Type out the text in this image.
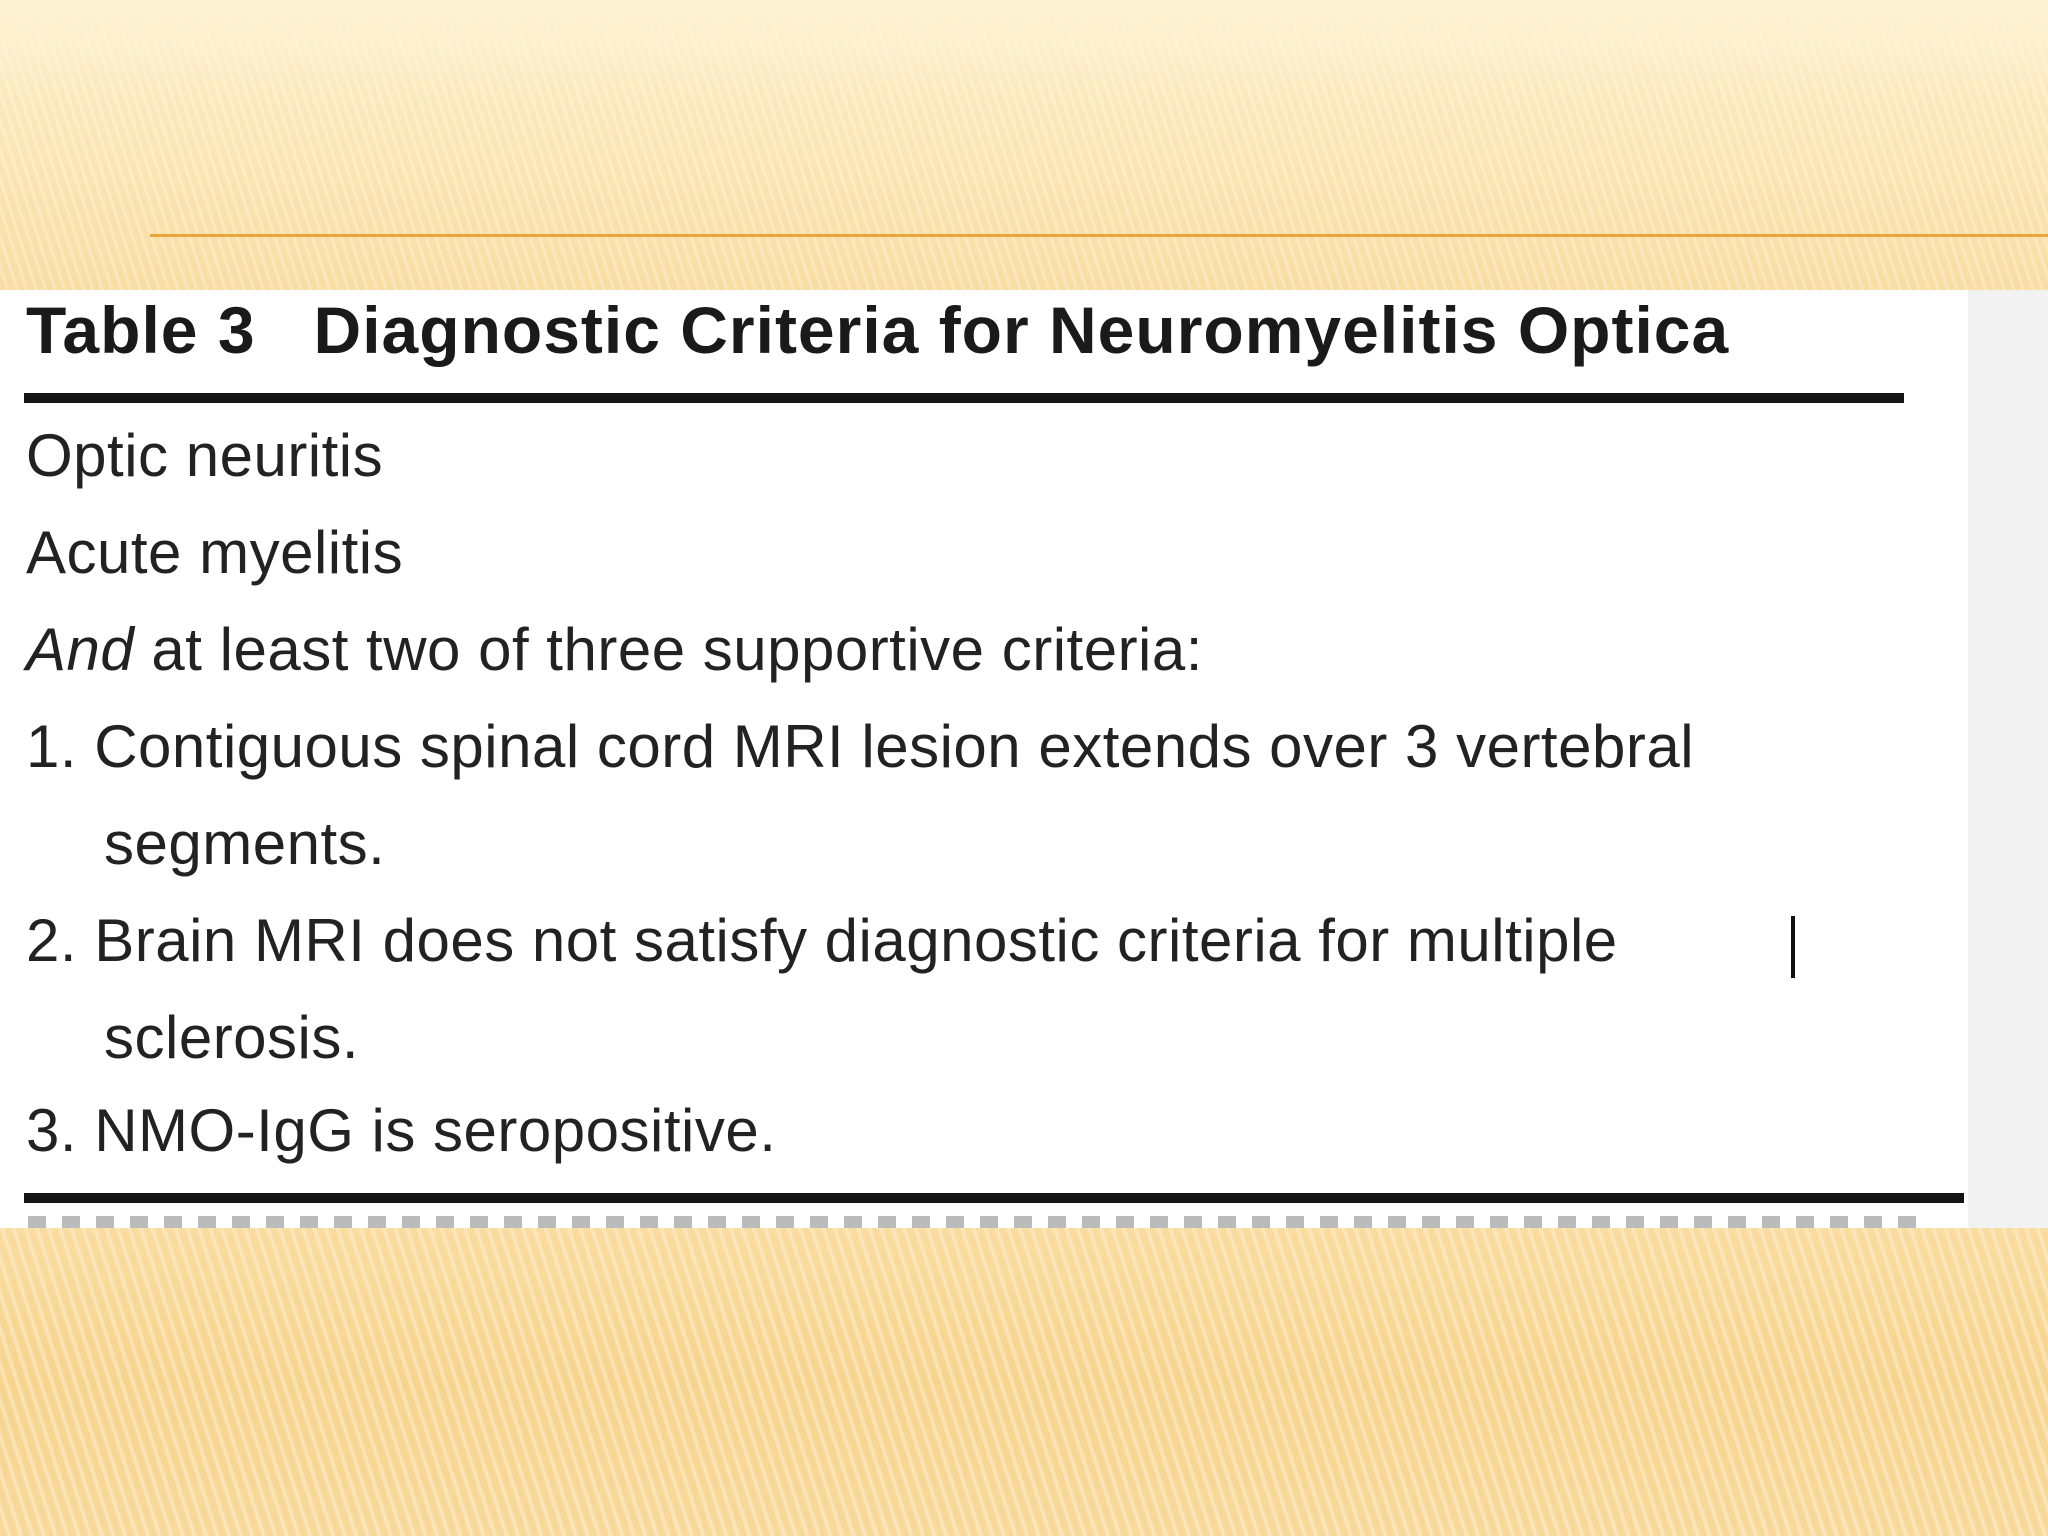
Table 3 Diagnostic Criteria for Neuromyelitis Optica
Optic neuritis
Acute myelitis
And at least two of three supportive criteria:
1. Contiguous spinal cord MRI lesion extends over 3 vertebral
segments.
2. Brain MRI does not satisfy diagnostic criteria for multiple
sclerosis.
3. NMO-IgG is seropositive.
